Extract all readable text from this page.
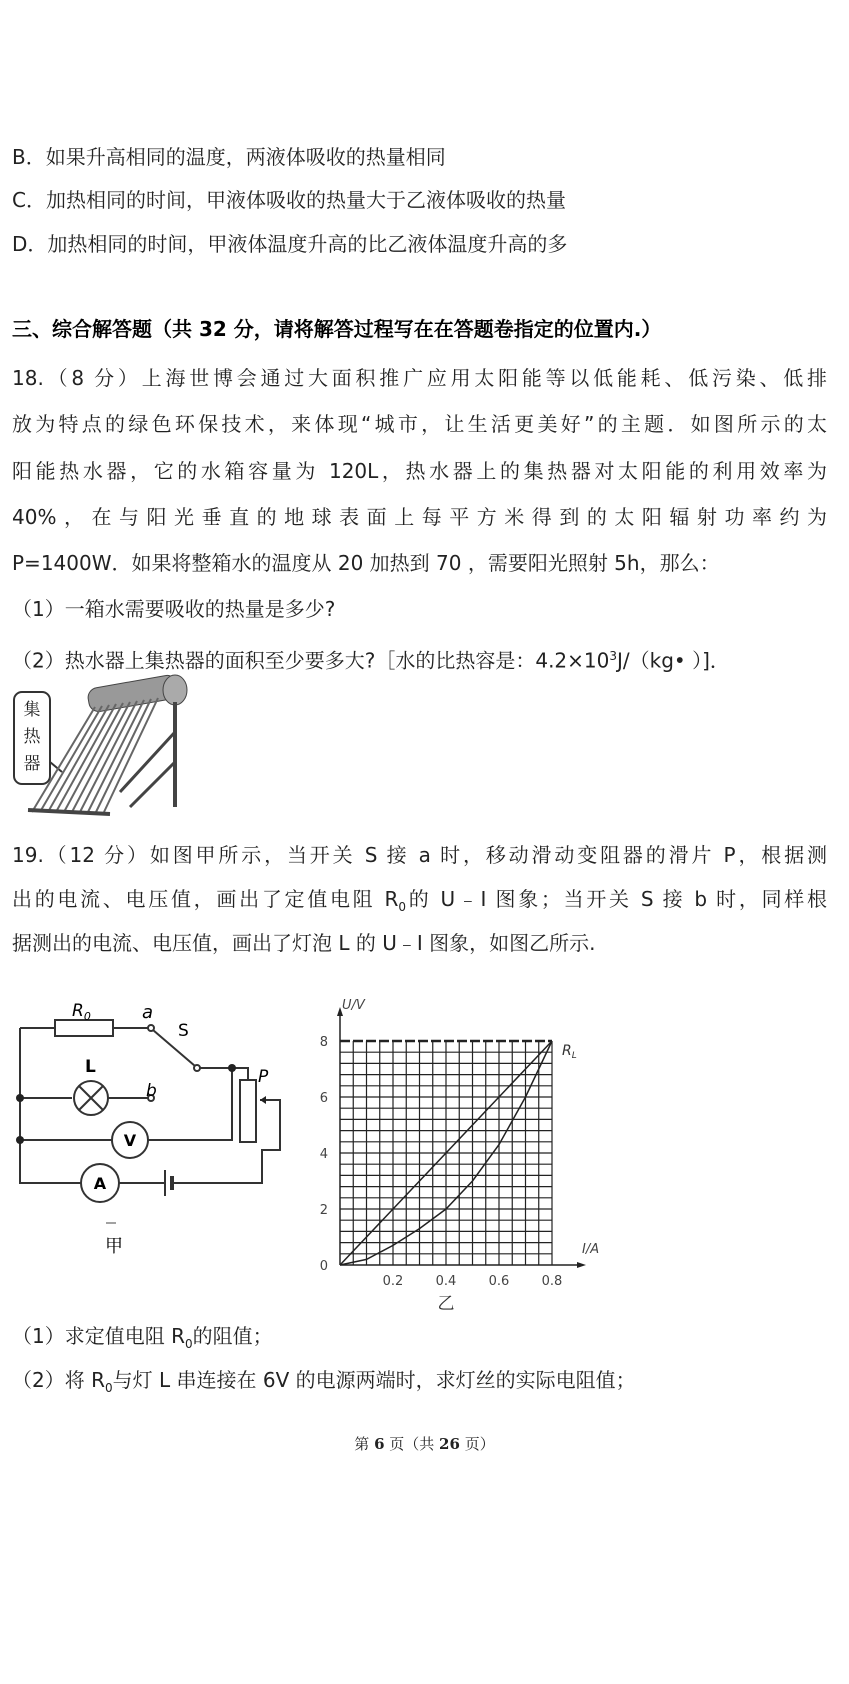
B．如果升高相同的温度，两液体吸收的热量相同
C．加热相同的时间，甲液体吸收的热量大于乙液体吸收的热量
D．加热相同的时间，甲液体温度升高的比乙液体温度升高的多
三、综合解答题（共 32 分，请将解答过程写在在答题卷指定的位置内.）
18.（8 分）上海世博会通过大面积推广应用太阳能等以低能耗、低污染、低排
放为特点的绿色环保技术，来体现“城市，让生活更美好”的主题．如图所示的太
阳能热水器，它的水箱容量为 120L，热水器上的集热器对太阳能的利用效率为
40%，在与阳光垂直的地球表面上每平方米得到的太阳辐射功率约为
P=1400W．如果将整箱水的温度从 20 加热到 70 ，需要阳光照射 5h，那么：
（1）一箱水需要吸收的热量是多少?
（2）热水器上集热器的面积至少要多大?［水的比热容是：$4.2\times 10^3J/(kg•$ ）]．
集
热
器
19.（12 分）如图甲所示，当开关 S 接 a 时，移动滑动变阻器的滑片 P，根据测
出的电流、电压值，画出了定值电阻 $R_0$的 U﹣I 图象；当开关 S 接 b 时，同样根
据测出的电流、电压值，画出了灯泡 L 的 U﹣I 图象，如图乙所示.
$R_0$	a
S
L
b
P
V
A
甲
0.2 0.4 0.6 0.8
2
4
6
8
0
U/V
I/A
乙
$R_L$
（1）求定值电阻 $R_0$的阻值；
（2）将 $R_0$与灯 L 串连接在 6V 的电源两端时，求灯丝的实际电阻值；
第 6 页（共 26 页）
